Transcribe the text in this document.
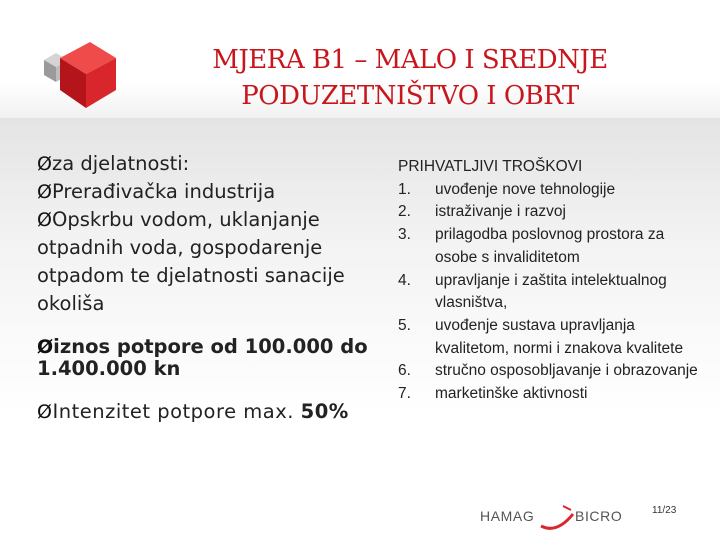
MJERA B1 – MALO I SREDNJE
PODUZETNIŠTVO I OBRT

Øza djelatnosti:

ØPrerađivačka industrija

ØOpskrbu vodom, uklanjanje otpadnih voda, gospodarenje otpadom te djelatnosti sanacije okoliša

Øiznos potpore od 100.000 do 1.400.000 kn

ØIntenzitet potpore max. 50%

PRIHVATLJIVI TROŠKOVI
1.	uvođenje nove tehnologije
2.	istraživanje i razvoj
3.	prilagodba poslovnog prostora za osobe s invaliditetom
4.	upravljanje i zaštita intelektualnog vlasništva,
5.	uvođenje sustava upravljanja kvalitetom, normi i znakova kvalitete
6.	stručno osposobljavanje i obrazovanje
7.	marketinške aktivnosti
HAMAG	BICRO	11/23
